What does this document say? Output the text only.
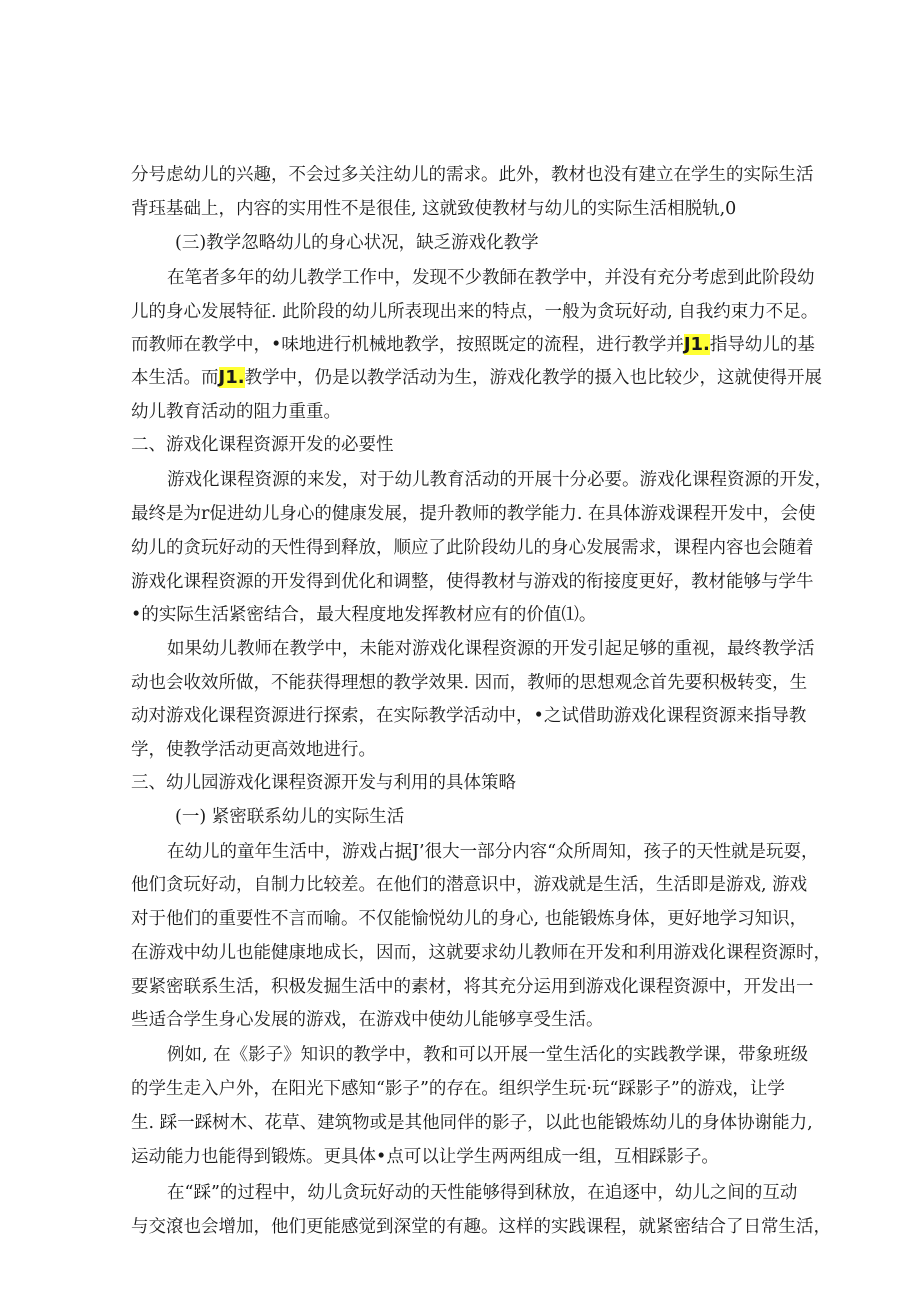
分号虑幼儿的兴趣，不会过多关注幼儿的需求。此外，教材也没有建立在学生的实际生活
背珏基础上，内容的实用性不是很佳, 这就致使教材与幼儿的实际生活相脱轨,0
(三)教学忽略幼儿的身心状况，缺乏游戏化教学
在笔者多年的幼儿教学工作中，发现不少教師在教学中，并没有充分考虑到此阶段幼
儿的身心发展特征. 此阶段的幼儿所表现出来的特点，一般为贪玩好动, 自我约束力不足。
而教师在教学中，•味地进行机械地教学，按照既定的流程，进行教学并J1.指导幼儿的基
本生活。而J1.教学中，仍是以教学活动为生，游戏化教学的摄入也比较少，这就使得开展
幼儿教育活动的阻力重重。
二、游戏化课程资源开发的必要性
游戏化课程资源的来发，对于幼儿教育活动的开展十分必要。游戏化课程资源的开发，
最终是为r促进幼儿身心的健康发展，提升教师的教学能力. 在具体游戏课程开发中，会使
幼儿的贪玩好动的天性得到释放，顺应了此阶段幼儿的身心发展需求，课程内容也会随着
游戏化课程资源的开发得到优化和调整，使得教材与游戏的衔接度更好，教材能够与学牛
•的实际生活紧密结合，最大程度地发挥教材应有的价值⑴。
如果幼儿教师在教学中，未能对游戏化课程资源的开发引起足够的重视，最终教学活
动也会收效所做，不能获得理想的教学效果. 因而，教师的思想观念首先要积极转变，生
动对游戏化课程资源进行探索，在实际教学活动中，•之试借助游戏化课程资源来指导教
学，使教学活动更高效地进行。
三、幼儿园游戏化课程资源开发与利用的具体策略
(一) 紧密联系幼儿的实际生活
在幼儿的童年生活中，游戏占据J’很大一部分内容“众所周知，孩子的天性就是玩耍，
他们贪玩好动，自制力比较差。在他们的潜意识中，游戏就是生活，生活即是游戏, 游戏
对于他们的重要性不言而喻。不仅能愉悦幼儿的身心, 也能锻炼身体，更好地学习知识，
在游戏中幼儿也能健康地成长，因而，这就要求幼儿教师在开发和利用游戏化课程资源时，
要紧密联系生活，积极发掘生活中的素材，将其充分运用到游戏化课程资源中，开发出一
些适合学生身心发展的游戏，在游戏中使幼儿能够享受生活。
例如, 在《影子》知识的教学中，教和可以开展一堂生活化的实践教学课，带象班级
的学生走入户外，在阳光下感知“影子”的存在。组织学生玩·玩“踩影子”的游戏，让学
生. 踩一踩树木、花草、建筑物或是其他同伴的影子，以此也能锻炼幼儿的身体协谢能力,
运动能力也能得到锻炼。更具体•点可以让学生两两组成一组，互相踩影子。
在“踩”的过程中，幼儿贪玩好动的天性能够得到秫放，在追逐中，幼儿之间的互动
与交滾也会增加，他们更能感觉到深堂的有趣。这样的实践课程，就紧密结合了日常生活，
